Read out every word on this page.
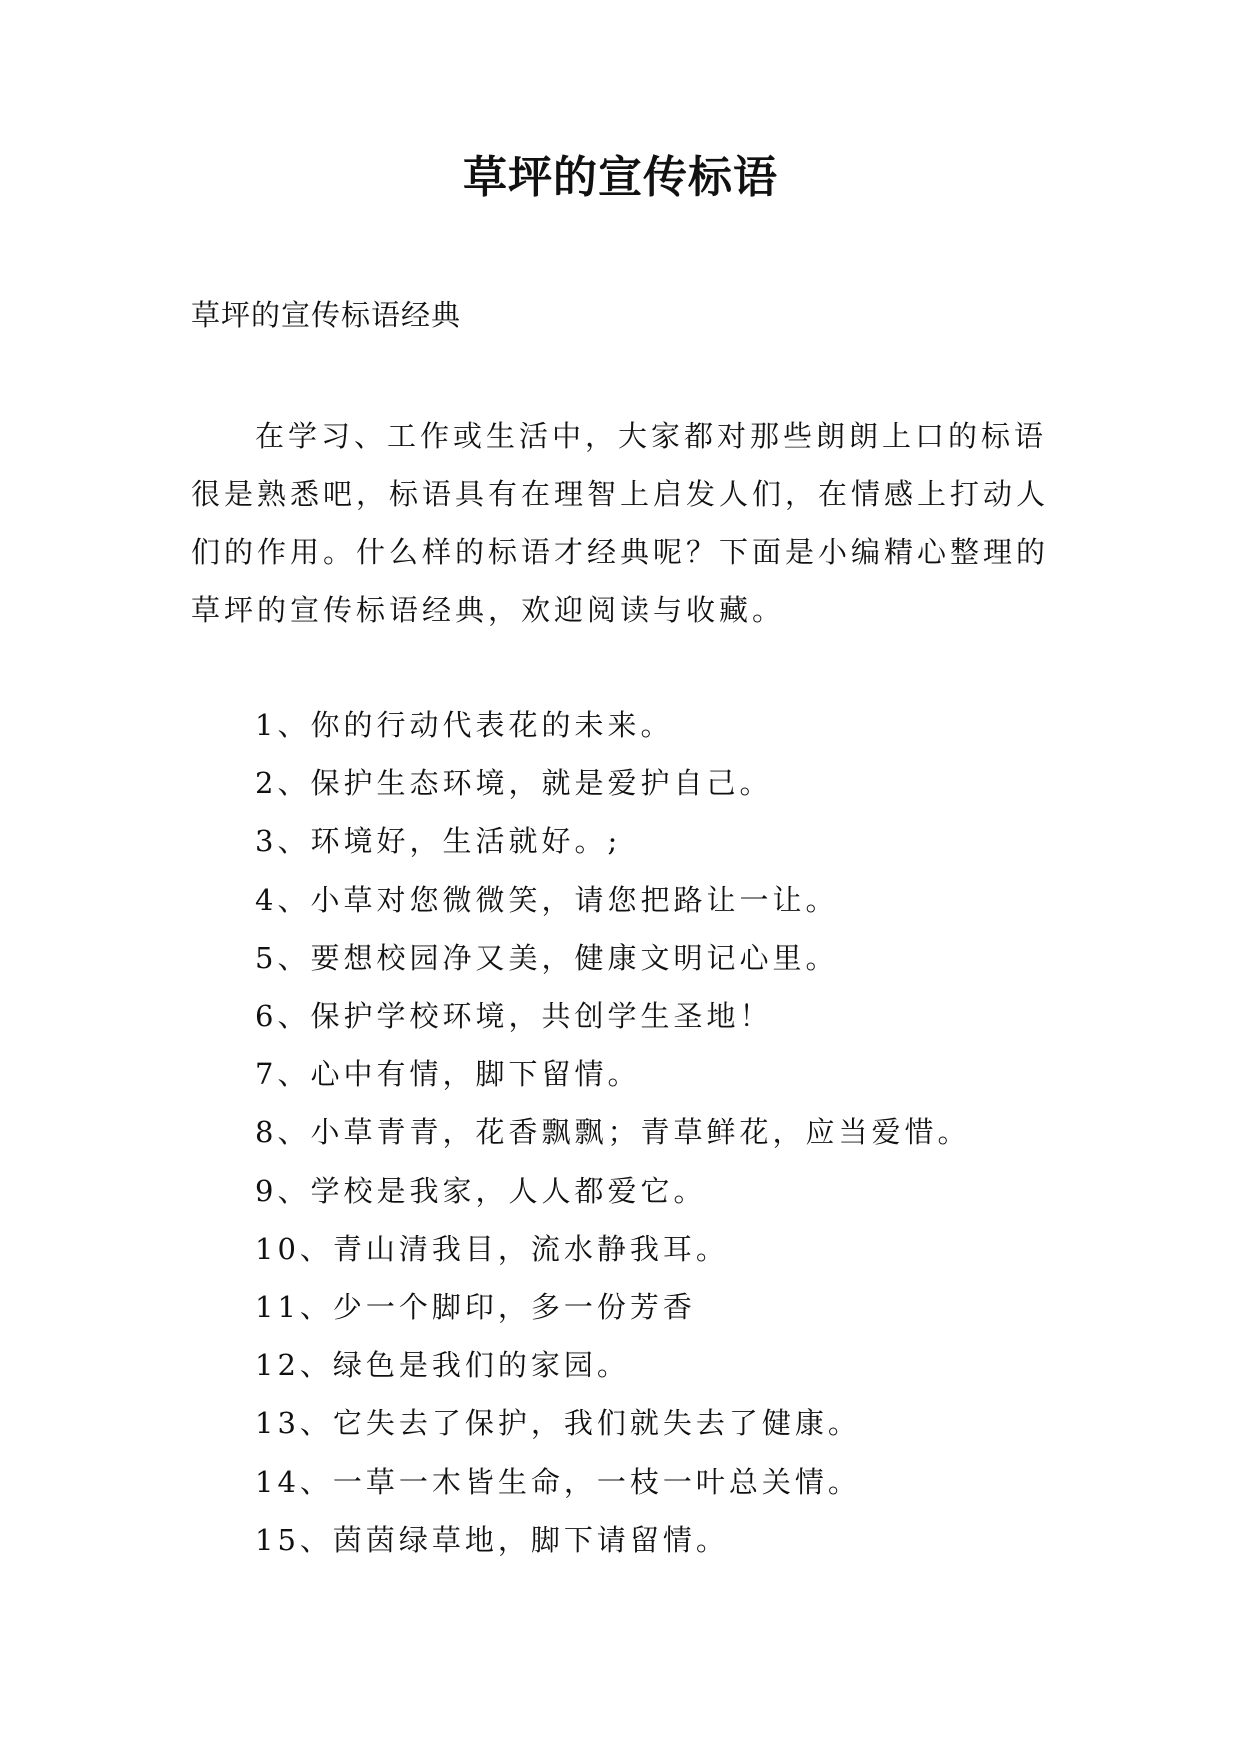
草坪的宣传标语
草坪的宣传标语经典

在学习、工作或生活中，大家都对那些朗朗上口的标语很是熟悉吧，标语具有在理智上启发人们，在情感上打动人们的作用。什么样的标语才经典呢？下面是小编精心整理的草坪的宣传标语经典，欢迎阅读与收藏。

1、你的行动代表花的未来。
2、保护生态环境，就是爱护自己。
3、环境好，生活就好。;
4、小草对您微微笑，请您把路让一让。
5、要想校园净又美，健康文明记心里。
6、保护学校环境，共创学生圣地！
7、心中有情，脚下留情。
8、小草青青，花香飘飘；青草鲜花，应当爱惜。
9、学校是我家，人人都爱它。
10、青山清我目，流水静我耳。
11、少一个脚印，多一份芳香
12、绿色是我们的家园。
13、它失去了保护，我们就失去了健康。
14、一草一木皆生命，一枝一叶总关情。
15、茵茵绿草地，脚下请留情。
